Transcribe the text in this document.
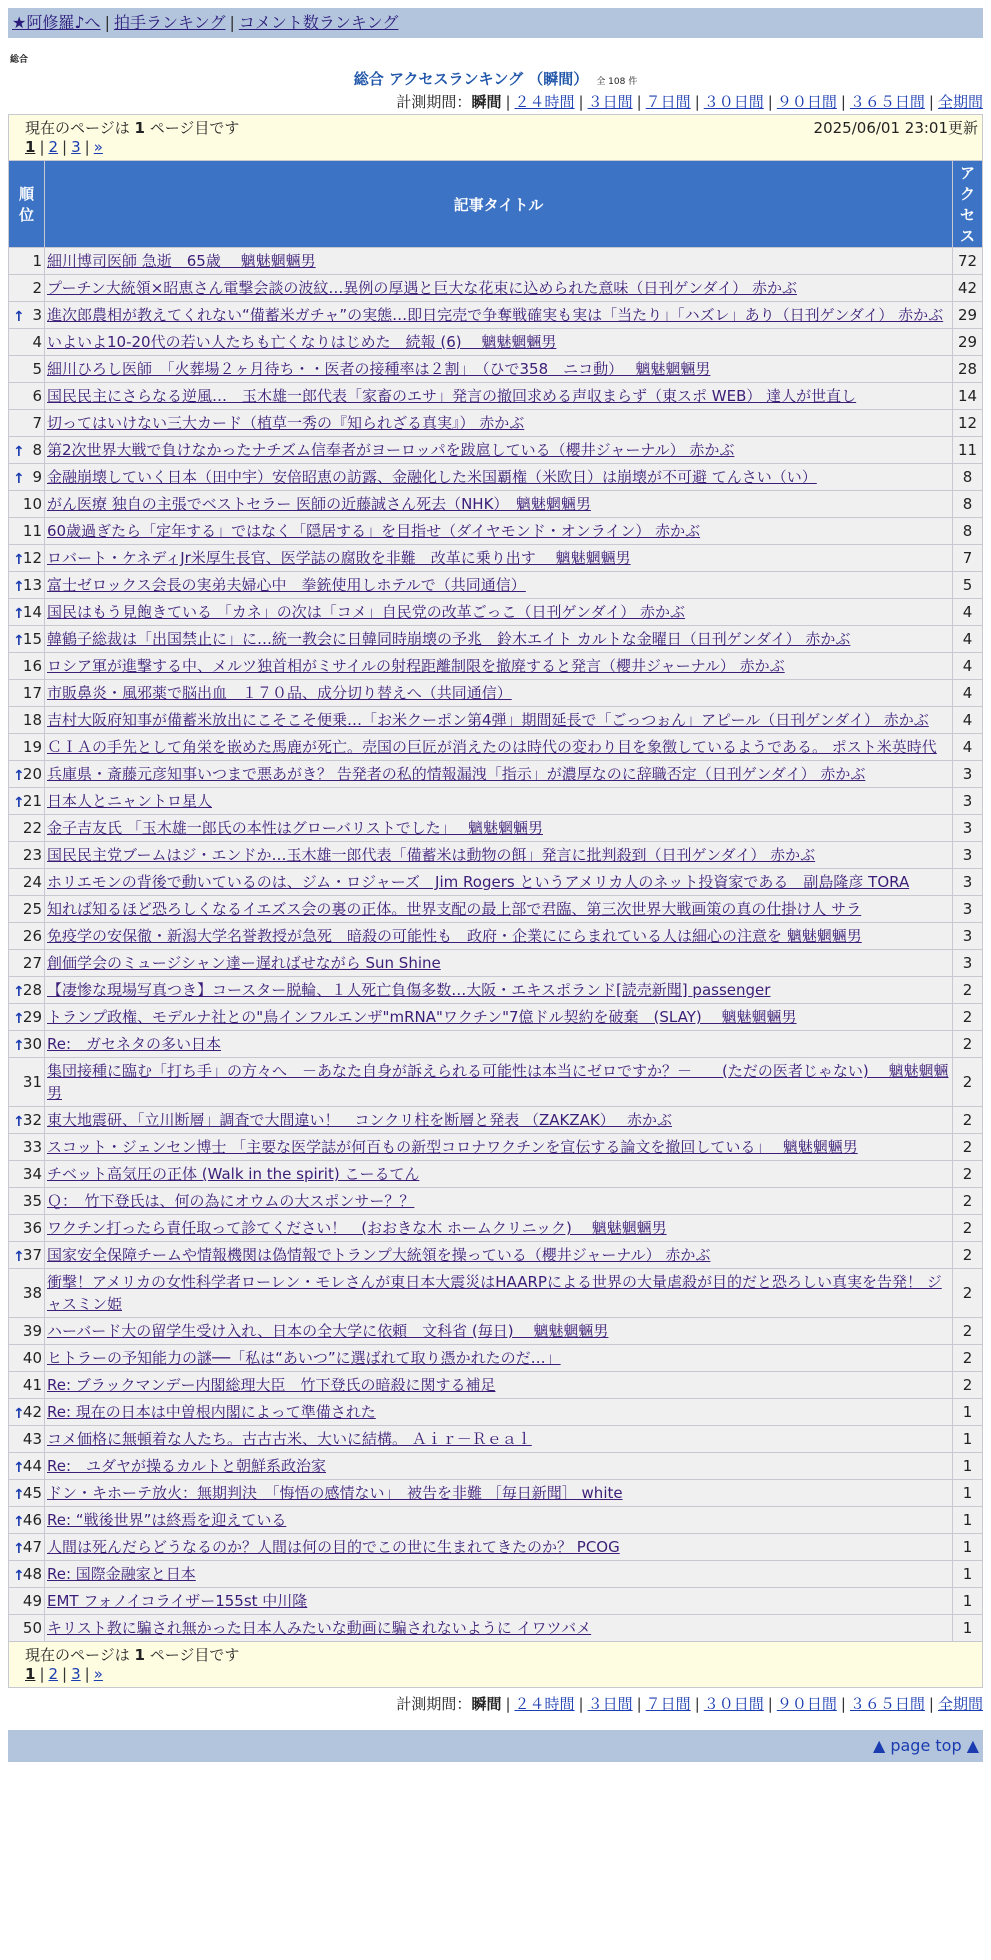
★阿修羅♪へ | 拍手ランキング | コメント数ランキング
総合
総合 アクセスランキング （瞬間） 全 108 件
計測期間：瞬間 | ２４時間 | ３日間 | ７日間 | ３０日間 | ９０日間 | ３６５日間 | 全期間
現在のページは 1 ページ目です	2025/06/01 23:01更新
1 | 2 | 3 | »
順
位	記事タイトル	アク
セス
1	細川博司医師 急逝　65歳　 魑魅魍魎男	72
2	プーチン大統領×昭恵さん電撃会談の波紋…異例の厚遇と巨大な花束に込められた意味（日刊ゲンダイ） 赤かぶ	42

↑ 3	進次郎農相が教えてくれない“備蓄米ガチャ”の実態…即日完売で争奪戦確実も実は「当たり」「ハズレ」あり（日刊ゲンダイ） 赤かぶ	29
4	いよいよ10-20代の若い人たちも亡くなりはじめた　続報 (6)　 魑魅魍魎男	29
5	細川ひろし医師　「火葬場２ヶ月待ち・・医者の接種率は２割」　（ひで358　ニコ動）　 魑魅魍魎男	28
6	国民民主にさらなる逆風…　玉木雄一郎代表「家畜のエサ」発言の撤回求める声収まらず（東スポ WEB） 達人が世直し	14
7	切ってはいけない三大カード（植草一秀の『知られざる真実』） 赤かぶ	12

↑ 8	第2次世界大戦で負けなかったナチズム信奉者がヨーロッパを跋扈している（櫻井ジャーナル） 赤かぶ	11

↑ 9	金融崩壊していく日本（田中宇）安倍昭恵の訪露、金融化した米国覇権（米欧日）は崩壊が不可避 てんさい（い）	8
10	がん医療 独自の主張でベストセラー 医師の近藤誠さん死去（NHK）　魑魅魍魎男	8
11	60歳過ぎたら「定年する」ではなく「隠居する」を目指せ（ダイヤモンド・オンライン） 赤かぶ	8

↑
12	ロバート・ケネディJr米厚生長官、医学誌の腐敗を非難　改革に乗り出す　 魑魅魍魎男	7

↑
13	富士ゼロックス会長の実弟夫婦心中　拳銃使用しホテルで（共同通信）	5

↑
14	国民はもう見飽きている 「カネ」の次は「コメ」自民党の改革ごっこ（日刊ゲンダイ） 赤かぶ	4

↑
15	韓鶴子総裁は「出国禁止に」に…統一教会に日韓同時崩壊の予兆　鈴木エイト カルトな金曜日（日刊ゲンダイ） 赤かぶ	4
16	ロシア軍が進撃する中、メルツ独首相がミサイルの射程距離制限を撤廃すると発言（櫻井ジャーナル） 赤かぶ	4
17	市販鼻炎・風邪薬で脳出血　１７０品、成分切り替えへ（共同通信）	4
18	吉村大阪府知事が備蓄米放出にこそこそ便乗…「お米クーポン第4弾」期間延長で「ごっつぉん」アピール（日刊ゲンダイ） 赤かぶ	4
19	ＣＩＡの手先として角栄を嵌めた馬鹿が死亡。売国の巨匠が消えたのは時代の変わり目を象徴しているようである。 ポスト米英時代	4

↑
20	兵庫県・斎藤元彦知事いつまで悪あがき？ 告発者の私的情報漏洩「指示」が濃厚なのに辞職否定（日刊ゲンダイ） 赤かぶ	3

↑
21	日本人とニャントロ星人	3
22	金子吉友氏 「玉木雄一郎氏の本性はグローバリストでした」　 魑魅魍魎男	3
23	国民民主党ブームはジ・エンドか…玉木雄一郎代表「備蓄米は動物の餌」発言に批判殺到（日刊ゲンダイ） 赤かぶ	3
24	ホリエモンの背後で動いているのは、ジム・ロジャーズ　Jim Rogers というアメリカ人のネット投資家である　副島隆彦 TORA	3
25	知れば知るほど恐ろしくなるイエズス会の裏の正体。世界支配の最上部で君臨、第三次世界大戦画策の真の仕掛け人 サラ	3
26	免疫学の安保徹・新潟大学名誉教授が急死　暗殺の可能性も　政府・企業ににらまれている人は細心の注意を 魑魅魍魎男	3
27	創価学会のミュージシャン達ー遅ればせながら Sun Shine	3

↑
28	【凄惨な現場写真つき】コースター脱輪、１人死亡負傷多数…大阪・エキスポランド[読売新聞] passenger	2

↑
29	トランプ政権、モデルナ社との"鳥インフルエンザ"mRNA"ワクチン"7億ドル契約を破棄　(SLAY)　 魑魅魍魎男	2

↑
30	Re:　ガセネタの多い日本	2
31	集団接種に臨む「打ち手」の方々へ　－あなた自身が訴えられる可能性は本当にゼロですか？－　　(ただの医者じゃない)　 魑魅魍魎男	2

↑
32	東大地震研、「立川断層」調査で大間違い！　コンクリ柱を断層と発表 （ZAKZAK）　 赤かぶ	2
33	スコット・ジェンセン博士 「主要な医学誌が何百もの新型コロナワクチンを宣伝する論文を撤回している」　 魑魅魍魎男	2
34	チベット高気圧の正体 (Walk in the spirit) こーるてん	2
35	Ｑ：　竹下登氏は、何の為にオウムの大スポンサー？？	2
36	ワクチン打ったら責任取って診てください！　(おおきな木 ホームクリニック)　 魑魅魍魎男	2

↑
37	国家安全保障チームや情報機関は偽情報でトランプ大統領を操っている（櫻井ジャーナル） 赤かぶ	2
38	衝撃！アメリカの女性科学者ローレン・モレさんが東日本大震災はHAARPによる世界の大量虐殺が目的だと恐ろしい真実を告発！ ジャスミン姫	2
39	ハーバード大の留学生受け入れ、日本の全大学に依頼　文科省 (毎日)　 魑魅魍魎男	2
40	ヒトラーの予知能力の謎──「私は“あいつ”に選ばれて取り憑かれたのだ…」	2
41	Re: ブラックマンデー内閣総理大臣　竹下登氏の暗殺に関する補足	2

↑
42	Re: 現在の日本は中曽根内閣によって準備された	1
43	コメ価格に無頓着な人たち。古古古米、大いに結構。 Ａｉｒ－Ｒｅａｌ	1

↑
44	Re:　ユダヤが操るカルトと朝鮮系政治家	1

↑
45	ドン・キホーテ放火：無期判決　「悔悟の感情ない」　被告を非難 ［毎日新聞］ white	1

↑
46	Re: “戦後世界”は終焉を迎えている	1

↑
47	人間は死んだらどうなるのか？人間は何の目的でこの世に生まれてきたのか？ PCOG	1

↑
48	Re: 国際金融家と日本	1
49	EMT フォノイコライザー155st 中川隆	1
50	キリスト教に騙され無かった日本人みたいな動画に騙されないように イワツバメ	1
現在のページは 1 ページ目です
1 | 2 | 3 | »
計測期間：瞬間 | ２４時間 | ３日間 | ７日間 | ３０日間 | ９０日間 | ３６５日間 | 全期間
▲ page top ▲
